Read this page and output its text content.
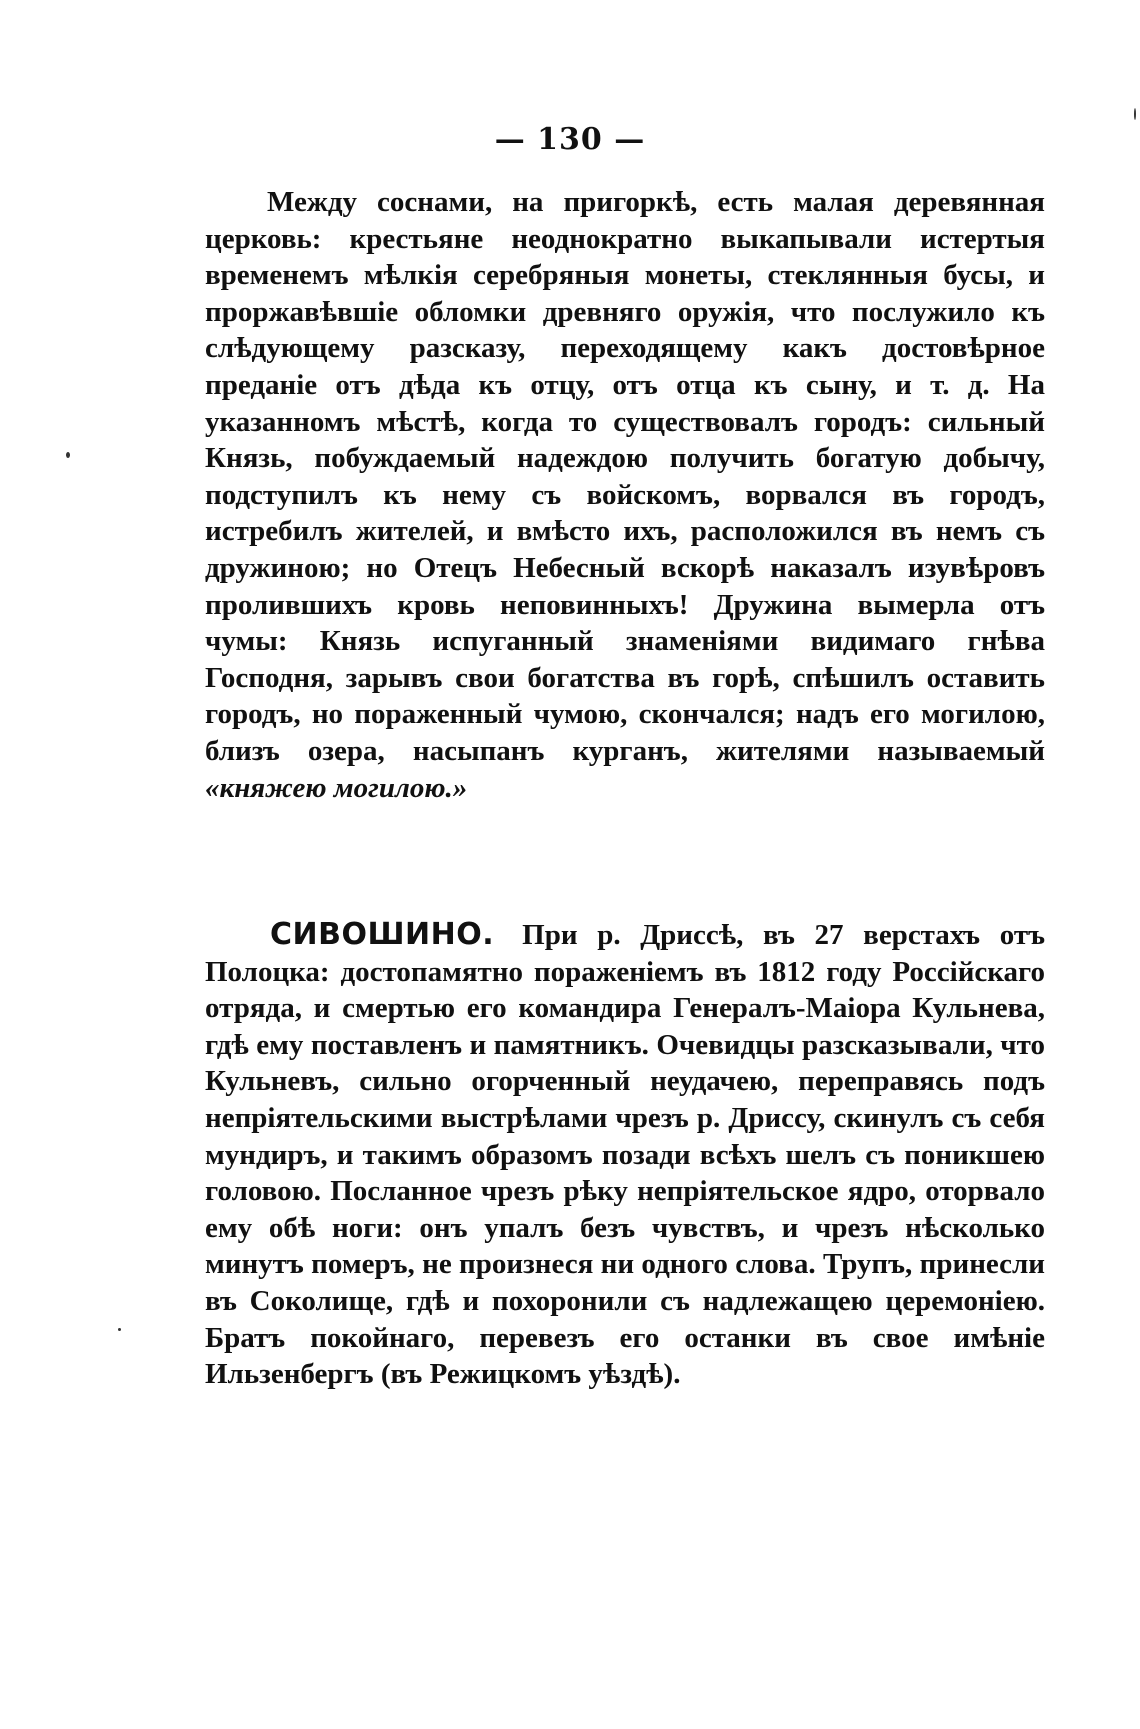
— 130 —
Между соснами, на пригоркѣ, есть малая деревянная церковь: крестьяне неоднократно выкапывали истертыя временемъ мѣлкія серебряныя монеты, стеклянныя бусы, и проржавѣвшіе обломки древняго оружія, что послужило къ слѣдующему разсказу, переходящему какъ достовѣрное преданіе отъ дѣда къ отцу, отъ отца къ сыну, и т. д. На указанномъ мѣстѣ, когда то существовалъ городъ: сильный Князь, побуждаемый надеждою получить богатую добычу, подступилъ къ нему съ войскомъ, ворвался въ городъ, истребилъ жителей, и вмѣсто ихъ, расположился въ немъ съ дружиною; но Отецъ Небесный вскорѣ наказалъ изувѣровъ пролившихъ кровь неповинныхъ! Дружина вымерла отъ чумы: Князь испуганный знаменіями видимаго гнѣва Господня, зарывъ свои богатства въ горѣ, спѣшилъ оставить городъ, но пораженный чумою, скончался; надъ его могилою, близъ озера, насыпанъ курганъ, жителями называемый «княжею могилою.»
СИВОШИНО. При р. Дриссѣ, въ 27 верстахъ отъ Полоцка: достопамятно пораженіемъ въ 1812 году Россійскаго отряда, и смертью его командира Генералъ-Маіора Кульнева, гдѣ ему поставленъ и памятникъ. Очевидцы разсказывали, что Кульневъ, сильно огорченный неудачею, переправясь подъ непріятельскими выстрѣлами чрезъ р. Дриссу, скинулъ съ себя мундиръ, и такимъ образомъ позади всѣхъ шелъ съ поникшею головою. Посланное чрезъ рѣку непріятельское ядро, оторвало ему обѣ ноги: онъ упалъ безъ чувствъ, и чрезъ нѣсколько минутъ померъ, не произнеся ни одного слова. Трупъ, принесли въ Соколище, гдѣ и похоронили съ надлежащею церемоніею. Братъ покойнаго, перевезъ его останки въ свое имѣніе Ильзенбергъ (въ Режицкомъ уѣздѣ).
